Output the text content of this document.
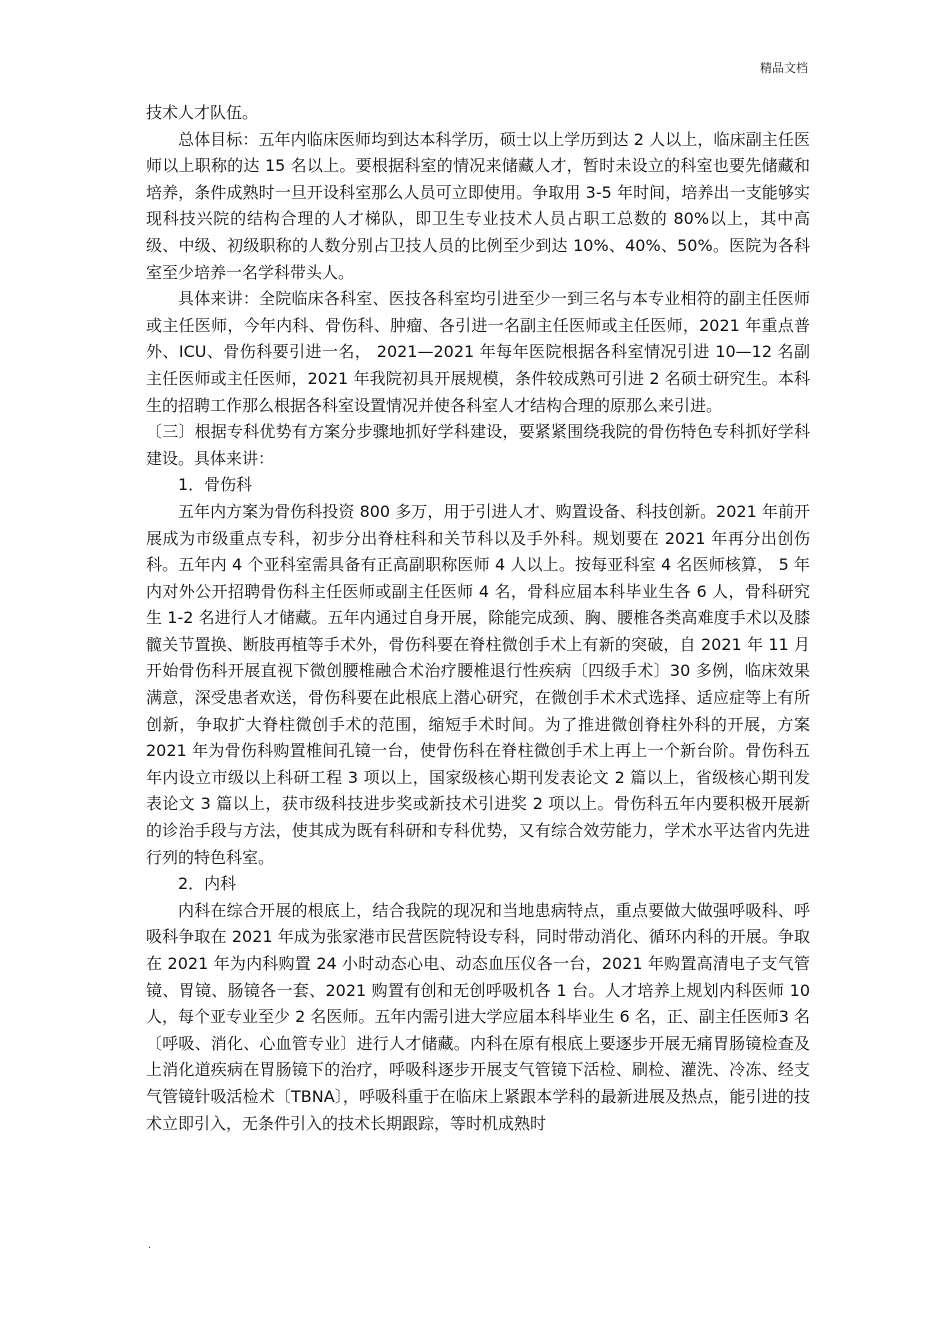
精品文档

技术人才队伍。

总体目标：五年内临床医师均到达本科学历，硕士以上学历到达 2 人以上，临床副主任医师以上职称的达 15 名以上。要根据科室的情况来储藏人才，暂时未设立的科室也要先储藏和培养，条件成熟时一旦开设科室那么人员可立即使用。争取用 3-5 年时间，培养出一支能够实现科技兴院的结构合理的人才梯队，即卫生专业技术人员占职工总数的 80%以上，其中高级、中级、初级职称的人数分别占卫技人员的比例至少到达 10%、40%、50%。医院为各科室至少培养一名学科带头人。

具体来讲：全院临床各科室、医技各科室均引进至少一到三名与本专业相符的副主任医师或主任医师，今年内科、骨伤科、肿瘤、各引进一名副主任医师或主任医师，2021 年重点普外、ICU、骨伤科要引进一名， 2021—2021 年每年医院根据各科室情况引进 10—12 名副主任医师或主任医师，2021 年我院初具开展规模，条件较成熟可引进 2 名硕士研究生。本科生的招聘工作那么根据各科室设置情况并使各科室人才结构合理的原那么来引进。

〔三〕根据专科优势有方案分步骤地抓好学科建设，要紧紧围绕我院的骨伤特色专科抓好学科建设。具体来讲：

1．骨伤科

五年内方案为骨伤科投资 800 多万，用于引进人才、购置设备、科技创新。2021 年前开展成为市级重点专科，初步分出脊柱科和关节科以及手外科。规划要在 2021 年再分出创伤科。五年内 4 个亚科室需具备有正高副职称医师 4 人以上。按每亚科室 4 名医师核算， 5 年内对外公开招聘骨伤科主任医师或副主任医师 4 名，骨科应届本科毕业生各 6 人，骨科研究生 1-2 名进行人才储藏。五年内通过自身开展，除能完成颈、胸、腰椎各类高难度手术以及膝髋关节置换、断肢再植等手术外，骨伤科要在脊柱微创手术上有新的突破，自 2021 年 11 月开始骨伤科开展直视下微创腰椎融合术治疗腰椎退行性疾病〔四级手术〕30 多例，临床效果满意，深受患者欢送，骨伤科要在此根底上潜心研究，在微创手术术式选择、适应症等上有所创新，争取扩大脊柱微创手术的范围，缩短手术时间。为了推进微创脊柱外科的开展，方案 2021 年为骨伤科购置椎间孔镜一台，使骨伤科在脊柱微创手术上再上一个新台阶。骨伤科五年内设立市级以上科研工程 3 项以上，国家级核心期刊发表论文 2 篇以上，省级核心期刊发表论文 3 篇以上，获市级科技进步奖或新技术引进奖 2 项以上。骨伤科五年内要积极开展新的诊治手段与方法，使其成为既有科研和专科优势，又有综合效劳能力，学术水平达省内先进行列的特色科室。

2．内科

内科在综合开展的根底上，结合我院的现况和当地患病特点，重点要做大做强呼吸科、呼吸科争取在 2021 年成为张家港市民营医院特设专科，同时带动消化、循环内科的开展。争取在 2021 年为内科购置 24 小时动态心电、动态血压仪各一台，2021 年购置高清电子支气管镜、胃镜、肠镜各一套、2021 购置有创和无创呼吸机各 1 台。人才培养上规划内科医师 10 人，每个亚专业至少 2 名医师。五年内需引进大学应届本科毕业生 6 名，正、副主任医师3 名〔呼吸、消化、心血管专业〕进行人才储藏。内科在原有根底上要逐步开展无痛胃肠镜检查及上消化道疾病在胃肠镜下的治疗，呼吸科逐步开展支气管镜下活检、刷检、灌洗、冷冻、经支气管镜针吸活检术〔TBNA〕，呼吸科重于在临床上紧跟本学科的最新进展及热点，能引进的技术立即引入，无条件引入的技术长期跟踪，等时机成熟时

.
